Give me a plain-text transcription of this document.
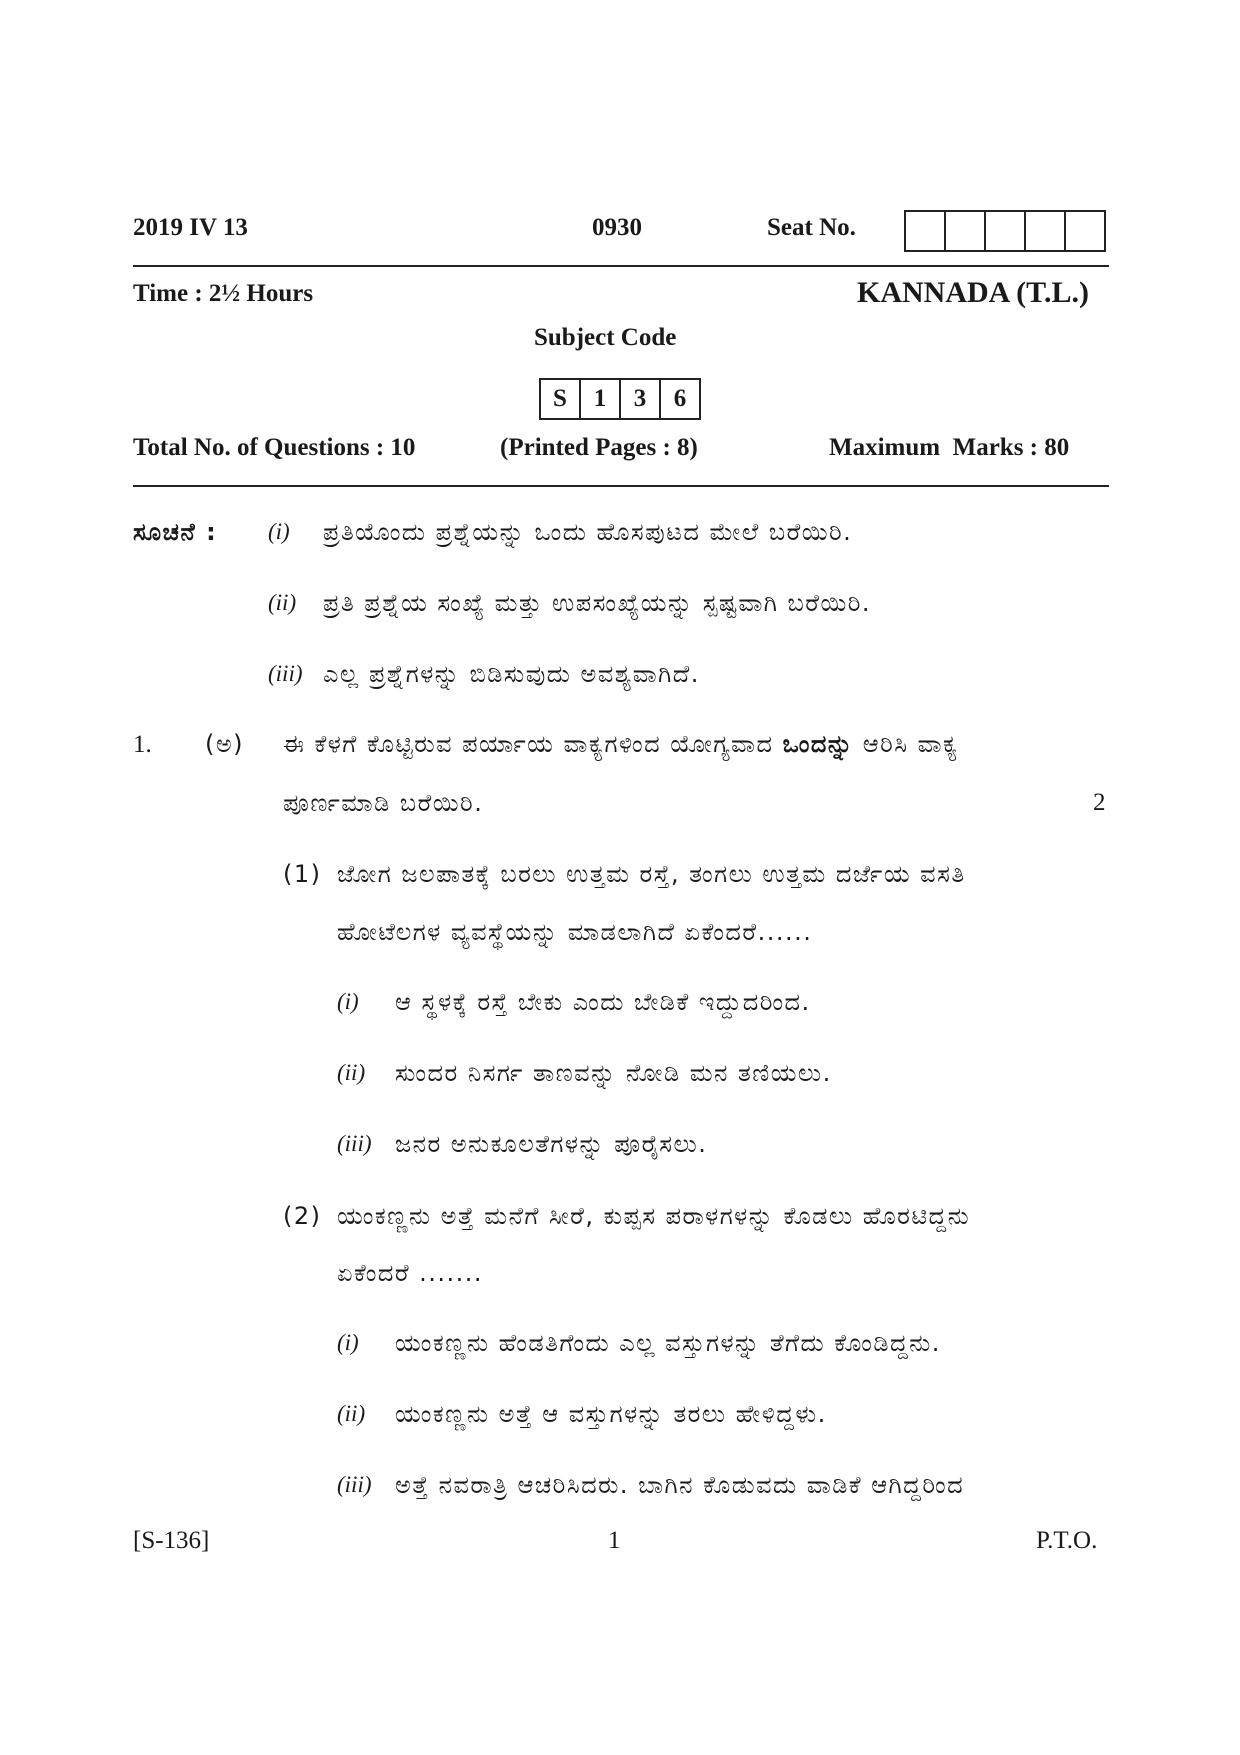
2019 IV 13	0930	Seat No.
Time : 2½ Hours	KANNADA (T.L.)
Subject Code
S	1	3	6
Total No. of Questions : 10	(Printed Pages : 8)	Maximum  Marks : 80
ಸೂಚನೆ : (i) ಪ್ರತಿಯೊಂದು ಪ್ರಶ್ನೆಯನ್ನು ಒಂದು ಹೊಸಪುಟದ ಮೇಲೆ ಬರೆಯಿರಿ.
(ii) ಪ್ರತಿ ಪ್ರಶ್ನೆಯ ಸಂಖ್ಯೆ ಮತ್ತು ಉಪಸಂಖ್ಯೆಯನ್ನು ಸ್ಪಷ್ಟವಾಗಿ ಬರೆಯಿರಿ.
(iii) ಎಲ್ಲ ಪ್ರಶ್ನೆಗಳನ್ನು ಬಿಡಿಸುವುದು ಅವಶ್ಯವಾಗಿದೆ.
1. (ಅ) ಈ ಕೆಳಗೆ ಕೊಟ್ಟಿರುವ ಪರ್ಯಾಯ ವಾಕ್ಯಗಳಿಂದ ಯೋಗ್ಯವಾದ ಒಂದನ್ನು ಆರಿಸಿ ವಾಕ್ಯ
ಪೂರ್ಣಮಾಡಿ ಬರೆಯಿರಿ.	2
(1) ಜೋಗ ಜಲಪಾತಕ್ಕೆ ಬರಲು ಉತ್ತಮ ರಸ್ತೆ, ತಂಗಲು ಉತ್ತಮ ದರ್ಜೆಯ ವಸತಿ
ಹೋಟೆಲಗಳ ವ್ಯವಸ್ಥೆಯನ್ನು ಮಾಡಲಾಗಿದೆ ಏಕೆಂದರೆ......
(i) ಆ ಸ್ಥಳಕ್ಕೆ ರಸ್ತೆ ಬೇಕು ಎಂದು ಬೇಡಿಕೆ ಇದ್ದುದರಿಂದ.
(ii) ಸುಂದರ ನಿಸರ್ಗ ತಾಣವನ್ನು ನೋಡಿ ಮನ ತಣಿಯಲು.
(iii) ಜನರ ಅನುಕೂಲತೆಗಳನ್ನು ಪೂರೈಸಲು.
(2) ಯಂಕಣ್ಣನು ಅತ್ತೆ ಮನೆಗೆ ಸೀರೆ, ಕುಪ್ಪಸ ಪರಾಳಗಳನ್ನು ಕೊಡಲು ಹೊರಟಿದ್ದನು
ಏಕೆಂದರೆ .......
(i) ಯಂಕಣ್ಣನು ಹೆಂಡತಿಗೆಂದು ಎಲ್ಲ ವಸ್ತುಗಳನ್ನು ತೆಗೆದು ಕೊಂಡಿದ್ದನು.
(ii) ಯಂಕಣ್ಣನು ಅತ್ತೆ ಆ ವಸ್ತುಗಳನ್ನು ತರಲು ಹೇಳಿದ್ದಳು.
(iii) ಅತ್ತೆ ನವರಾತ್ರಿ ಆಚರಿಸಿದರು. ಬಾಗಿನ ಕೊಡುವದು ವಾಡಿಕೆ ಆಗಿದ್ದರಿಂದ
[S-136]	1	P.T.O.
